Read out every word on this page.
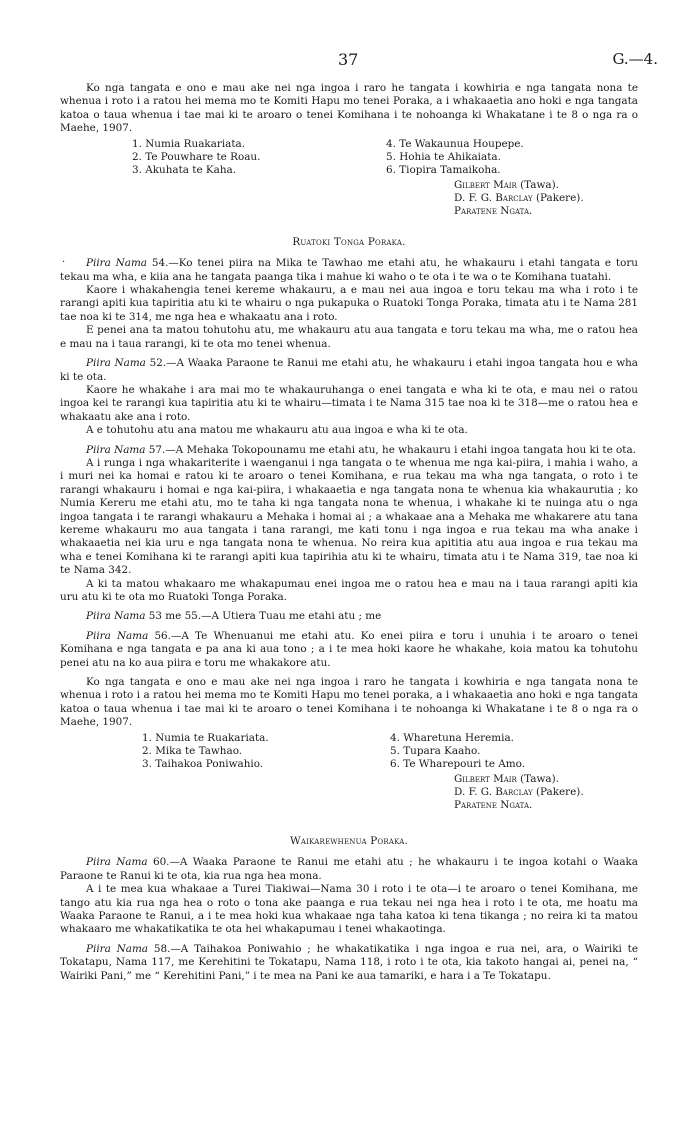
37	G.—4.
·

Ko nga tangata e ono e mau ake nei nga ingoa i raro he tangata i kowhiria e nga tangata nona te whenua i roto i a ratou hei mema mo te Komiti Hapu mo tenei Poraka, a i whakaaetia ano hoki e nga tangata katoa o taua whenua i tae mai ki te aroaro o tenei Komihana i te nohoanga ki Whakatane i te 8 o nga ra o Maehe, 1907.

1. Numia Ruakariata.
2. Te Pouwhare te Roau.
3. Akuhata te Kaha.
4. Te Wakaunua Houpepe.
5. Hohia te Ahikaiata.
6. Tiopira Tamaikoha.
Gilbert Mair (Tawa).
D. F. G. Barclay (Pakere).
Paratene Ngata.
Ruatoki Tonga Poraka.

Piira Nama 54.—Ko tenei piira na Mika te Tawhao me etahi atu, he whakauru i etahi tangata e toru tekau ma wha, e kiia ana he tangata paanga tika i mahue ki waho o te ota i te wa o te Komihana tuatahi.

Kaore i whakahengia tenei kereme whakauru, a e mau nei aua ingoa e toru tekau ma wha i roto i te rarangi apiti kua tapiritia atu ki te whairu o nga pukapuka o Ruatoki Tonga Poraka, timata atu i te Nama 281 tae noa ki te 314, me nga hea e whakaatu ana i roto.

E penei ana ta matou tohutohu atu, me whakauru atu aua tangata e toru tekau ma wha, me o ratou hea e mau na i taua rarangi, ki te ota mo tenei whenua.

Piira Nama 52.—A Waaka Paraone te Ranui me etahi atu, he whakauru i etahi ingoa tangata hou e wha ki te ota.

Kaore he whakahe i ara mai mo te whakauruhanga o enei tangata e wha ki te ota, e mau nei o ratou ingoa kei te rarangi kua tapiritia atu ki te whairu—timata i te Nama 315 tae noa ki te 318—me o ratou hea e whakaatu ake ana i roto.

A e tohutohu atu ana matou me whakauru atu aua ingoa e wha ki te ota.

Piira Nama 57.—A Mehaka Tokopounamu me etahi atu, he whakauru i etahi ingoa tangata hou ki te ota.

A i runga i nga whakariterite i waenganui i nga tangata o te whenua me nga kai-piira, i mahia i waho, a i muri nei ka homai e ratou ki te aroaro o tenei Komihana, e rua tekau ma wha nga tangata, o roto i te rarangi whakauru i homai e nga kai-piira, i whakaaetia e nga tangata nona te whenua kia whakaurutia ; ko Numia Kereru me etahi atu, mo te taha ki nga tangata nona te whenua, i whakahe ki te nuinga atu o nga ingoa tangata i te rarangi whakauru a Mehaka i homai ai ; a whakaae ana a Mehaka me whakarere atu tana kereme whakauru mo aua tangata i tana rarangi, me kati tonu i nga ingoa e rua tekau ma wha anake i whakaaetia nei kia uru e nga tangata nona te whenua. No reira kua apititia atu aua ingoa e rua tekau ma wha e tenei Komihana ki te rarangi apiti kua tapirihia atu ki te whairu, timata atu i te Nama 319, tae noa ki te Nama 342.

A ki ta matou whakaaro me whakapumau enei ingoa me o ratou hea e mau na i taua rarangi apiti kia uru atu ki te ota mo Ruatoki Tonga Poraka.

Piira Nama 53 me 55.—A Utiera Tuau me etahi atu ; me

Piira Nama 56.—A Te Whenuanui me etahi atu. Ko enei piira e toru i unuhia i te aroaro o tenei Komihana e nga tangata e pa ana ki aua tono ; a i te mea hoki kaore he whakahe, koia matou ka tohutohu penei atu na ko aua piira e toru me whakakore atu.

Ko nga tangata e ono e mau ake nei nga ingoa i raro he tangata i kowhiria e nga tangata nona te whenua i roto i a ratou hei mema mo te Komiti Hapu mo tenei poraka, a i whakaaetia ano hoki e nga tangata katoa o taua whenua i tae mai ki te aroaro o tenei Komihana i te nohoanga ki Whakatane i te 8 o nga ra o Maehe, 1907.

1. Numia te Ruakariata.
2. Mika te Tawhao.
3. Taihakoa Poniwahio.
4. Wharetuna Heremia.
5. Tupara Kaaho.
6. Te Wharepouri te Amo.
Gilbert Mair (Tawa).
D. F. G. Barclay (Pakere).
Paratene Ngata.
Waikarewhenua Poraka.

Piira Nama 60.—A Waaka Paraone te Ranui me etahi atu ; he whakauru i te ingoa kotahi o Waaka Paraone te Ranui ki te ota, kia rua nga hea mona.

A i te mea kua whakaae a Turei Tiakiwai—Nama 30 i roto i te ota—i te aroaro o tenei Komihana, me tango atu kia rua nga hea o roto o tona ake paanga e rua tekau nei nga hea i roto i te ota, me hoatu ma Waaka Paraone te Ranui, a i te mea hoki kua whakaae nga taha katoa ki tena tikanga ; no reira ki ta matou whakaaro me whakatikatika te ota hei whakapumau i tenei whakaotinga.

Piira Nama 58.—A Taihakoa Poniwahio ; he whakatikatika i nga ingoa e rua nei, ara, o Wairiki te Tokatapu, Nama 117, me Kerehitini te Tokatapu, Nama 118, i roto i te ota, kia takoto hangai ai, penei na, “ Wairiki Pani,” me “ Kerehitini Pani,” i te mea na Pani ke aua tamariki, e hara i a Te Tokatapu.
